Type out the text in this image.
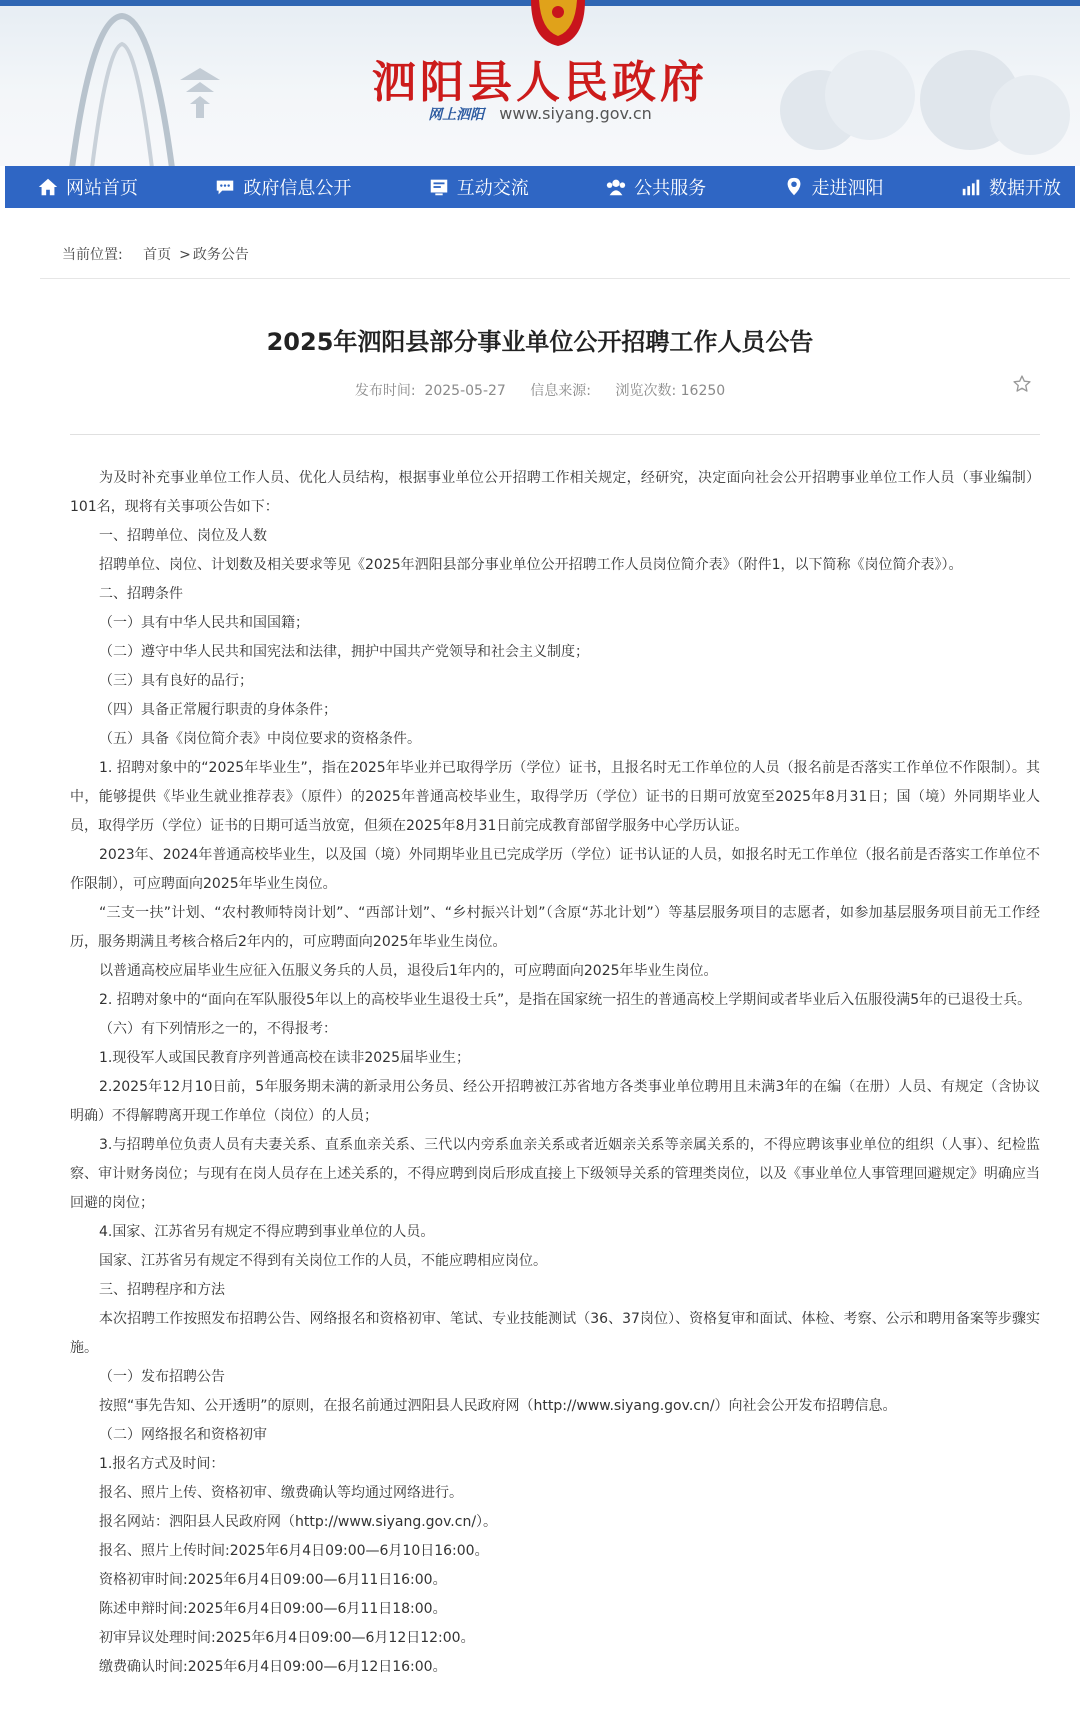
泗阳县人民政府
网上泗阳 www.siyang.gov.cn
网站首页	政府信息公开	互动交流	公共服务	走进泗阳	数据开放
当前位置: 首页 > 政务公告
2025年泗阳县部分事业单位公开招聘工作人员公告
发布时间: 2025-05-27 信息来源: 浏览次数: 16250

为及时补充事业单位工作人员、优化人员结构，根据事业单位公开招聘工作相关规定，经研究，决定面向社会公开招聘事业单位工作人员（事业编制）101名，现将有关事项公告如下：

一、招聘单位、岗位及人数

招聘单位、岗位、计划数及相关要求等见《2025年泗阳县部分事业单位公开招聘工作人员岗位简介表》（附件1，以下简称《岗位简介表》）。

二、招聘条件

（一）具有中华人民共和国国籍；

（二）遵守中华人民共和国宪法和法律，拥护中国共产党领导和社会主义制度；

（三）具有良好的品行；

（四）具备正常履行职责的身体条件；

（五）具备《岗位简介表》中岗位要求的资格条件。

1. 招聘对象中的“2025年毕业生”，指在2025年毕业并已取得学历（学位）证书，且报名时无工作单位的人员（报名前是否落实工作单位不作限制）。其中，能够提供《毕业生就业推荐表》（原件）的2025年普通高校毕业生，取得学历（学位）证书的日期可放宽至2025年8月31日；国（境）外同期毕业人员，取得学历（学位）证书的日期可适当放宽，但须在2025年8月31日前完成教育部留学服务中心学历认证。

2023年、2024年普通高校毕业生，以及国（境）外同期毕业且已完成学历（学位）证书认证的人员，如报名时无工作单位（报名前是否落实工作单位不作限制），可应聘面向2025年毕业生岗位。

“三支一扶”计划、“农村教师特岗计划”、“西部计划”、“乡村振兴计划”（含原“苏北计划”）等基层服务项目的志愿者，如参加基层服务项目前无工作经历，服务期满且考核合格后2年内的，可应聘面向2025年毕业生岗位。

以普通高校应届毕业生应征入伍服义务兵的人员，退役后1年内的，可应聘面向2025年毕业生岗位。

2. 招聘对象中的“面向在军队服役5年以上的高校毕业生退役士兵”，是指在国家统一招生的普通高校上学期间或者毕业后入伍服役满5年的已退役士兵。

（六）有下列情形之一的，不得报考：

1.现役军人或国民教育序列普通高校在读非2025届毕业生；

2.2025年12月10日前，5年服务期未满的新录用公务员、经公开招聘被江苏省地方各类事业单位聘用且未满3年的在编（在册）人员、有规定（含协议明确）不得解聘离开现工作单位（岗位）的人员；

3.与招聘单位负责人员有夫妻关系、直系血亲关系、三代以内旁系血亲关系或者近姻亲关系等亲属关系的，不得应聘该事业单位的组织（人事）、纪检监察、审计财务岗位；与现有在岗人员存在上述关系的，不得应聘到岗后形成直接上下级领导关系的管理类岗位，以及《事业单位人事管理回避规定》明确应当回避的岗位；

4.国家、江苏省另有规定不得应聘到事业单位的人员。

国家、江苏省另有规定不得到有关岗位工作的人员，不能应聘相应岗位。

三、招聘程序和方法

本次招聘工作按照发布招聘公告、网络报名和资格初审、笔试、专业技能测试（36、37岗位）、资格复审和面试、体检、考察、公示和聘用备案等步骤实施。

（一）发布招聘公告

按照“事先告知、公开透明”的原则，在报名前通过泗阳县人民政府网（http://www.siyang.gov.cn/）向社会公开发布招聘信息。

（二）网络报名和资格初审

1.报名方式及时间：

报名、照片上传、资格初审、缴费确认等均通过网络进行。

报名网站：泗阳县人民政府网（http://www.siyang.gov.cn/）。

报名、照片上传时间:2025年6月4日09:00—6月10日16:00。

资格初审时间:2025年6月4日09:00—6月11日16:00。

陈述申辩时间:2025年6月4日09:00—6月11日18:00。

初审异议处理时间:2025年6月4日09:00—6月12日12:00。

缴费确认时间:2025年6月4日09:00—6月12日16:00。
